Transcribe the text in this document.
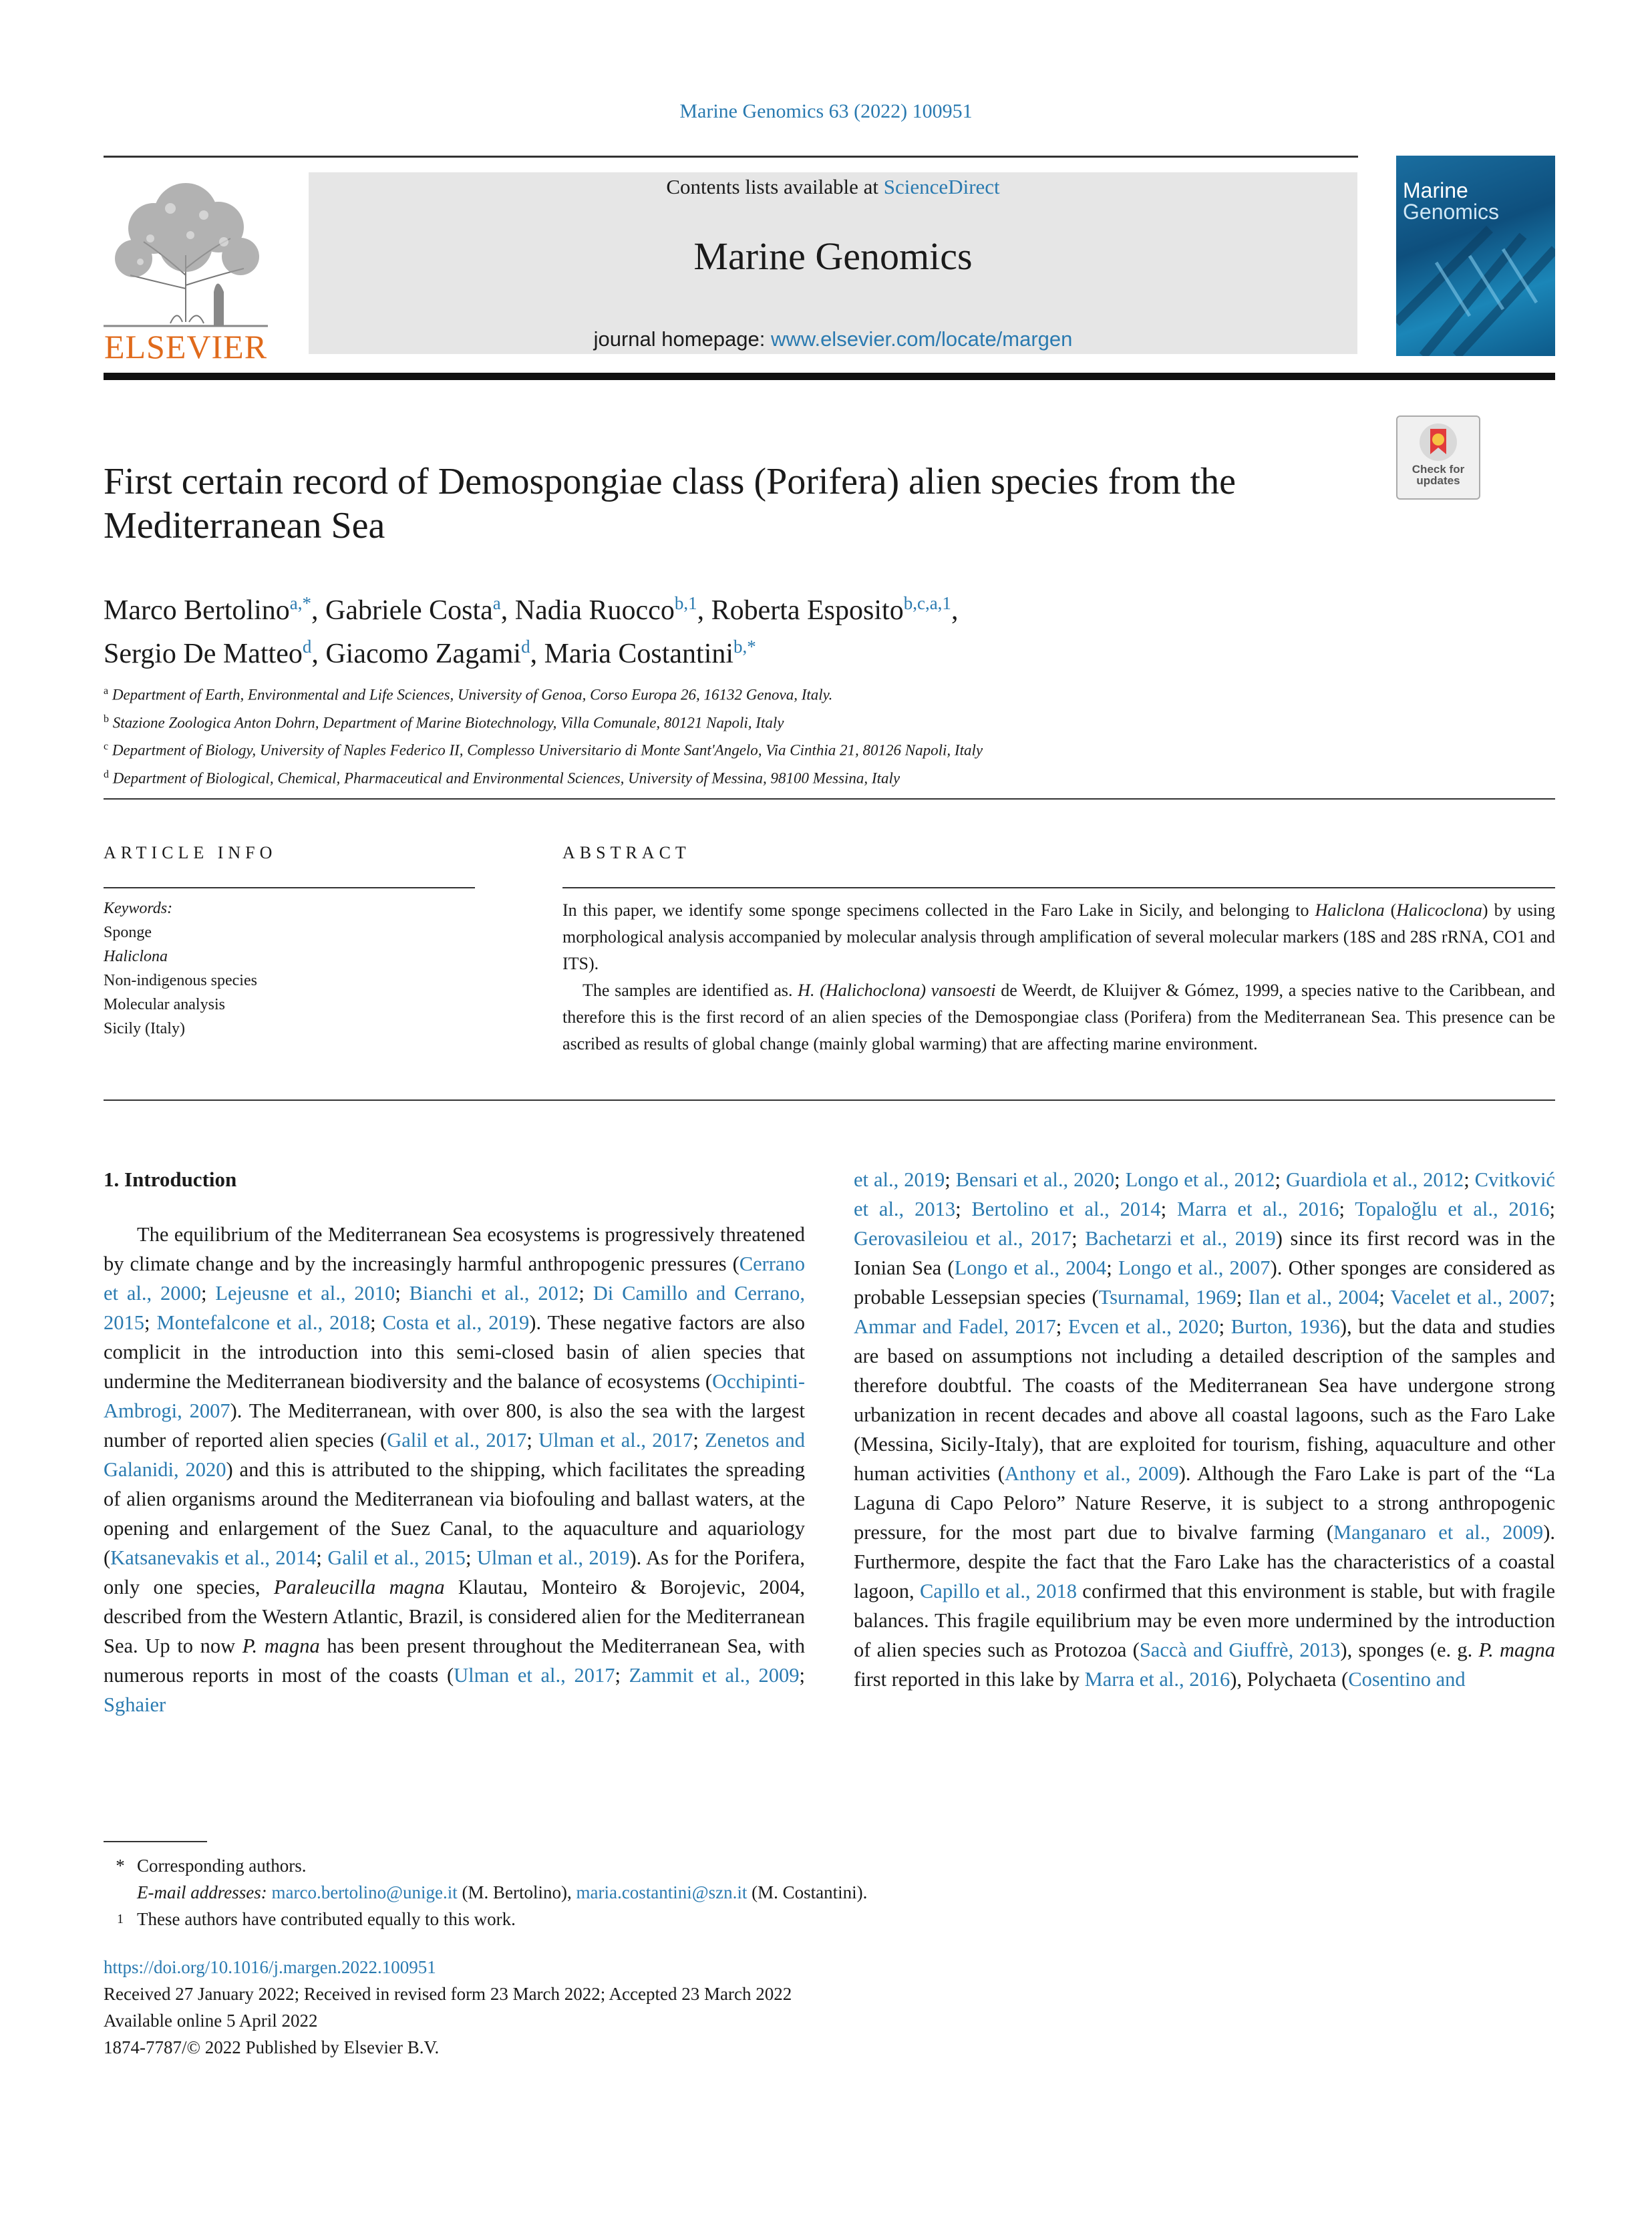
Marine Genomics 63 (2022) 100951
ELSEVIER
Contents lists available at ScienceDirect
Marine Genomics
journal homepage: www.elsevier.com/locate/margen
Marine
Genomics
Check for updates
First certain record of Demospongiae class (Porifera) alien species from the Mediterranean Sea
Marco Bertolino$^{a,*}$, Gabriele Costa$^a$, Nadia Ruocco$^{b,1}$, Roberta Esposito$^{b,c,a,1}$,
Sergio De Matteo$^d$, Giacomo Zagami$^d$, Maria Costantini$^{b,*}$
$^a$ Department of Earth, Environmental and Life Sciences, University of Genoa, Corso Europa 26, 16132 Genova, Italy.
$^b$ Stazione Zoologica Anton Dohrn, Department of Marine Biotechnology, Villa Comunale, 80121 Napoli, Italy
$^c$ Department of Biology, University of Naples Federico II, Complesso Universitario di Monte Sant'Angelo, Via Cinthia 21, 80126 Napoli, Italy
$^d$ Department of Biological, Chemical, Pharmaceutical and Environmental Sciences, University of Messina, 98100 Messina, Italy
ARTICLE INFO
Keywords:
Sponge
Haliclona
Non-indigenous species
Molecular analysis
Sicily (Italy)
ABSTRACT

In this paper, we identify some sponge specimens collected in the Faro Lake in Sicily, and belonging to Haliclona (Halicoclona) by using morphological analysis accompanied by molecular analysis through amplification of several molecular markers (18S and 28S rRNA, CO1 and ITS).

The samples are identified as. H. (Halichoclona) vansoesti de Weerdt, de Kluijver & Gómez, 1999, a species native to the Caribbean, and therefore this is the first record of an alien species of the Demospongiae class (Porifera) from the Mediterranean Sea. This presence can be ascribed as results of global change (mainly global warming) that are affecting marine environment.

1. Introduction

The equilibrium of the Mediterranean Sea ecosystems is progressively threatened by climate change and by the increasingly harmful anthropogenic pressures (Cerrano et al., 2000; Lejeusne et al., 2010; Bianchi et al., 2012; Di Camillo and Cerrano, 2015; Montefalcone et al., 2018; Costa et al., 2019). These negative factors are also complicit in the introduction into this semi-closed basin of alien species that undermine the Mediterranean biodiversity and the balance of ecosystems (Occhipinti-Ambrogi, 2007). The Mediterranean, with over 800, is also the sea with the largest number of reported alien species (Galil et al., 2017; Ulman et al., 2017; Zenetos and Galanidi, 2020) and this is attributed to the shipping, which facilitates the spreading of alien organisms around the Mediterranean via biofouling and ballast waters, at the opening and enlargement of the Suez Canal, to the aquaculture and aquariology (Katsanevakis et al., 2014; Galil et al., 2015; Ulman et al., 2019). As for the Porifera, only one species, Paraleucilla magna Klautau, Monteiro & Borojevic, 2004, described from the Western Atlantic, Brazil, is considered alien for the Mediterranean Sea. Up to now P. magna has been present throughout the Mediterranean Sea, with numerous reports in most of the coasts (Ulman et al., 2017; Zammit et al., 2009; Sghaier

et al., 2019; Bensari et al., 2020; Longo et al., 2012; Guardiola et al., 2012; Cvitković et al., 2013; Bertolino et al., 2014; Marra et al., 2016; Topaloğlu et al., 2016; Gerovasileiou et al., 2017; Bachetarzi et al., 2019) since its first record was in the Ionian Sea (Longo et al., 2004; Longo et al., 2007). Other sponges are considered as probable Lessepsian species (Tsurnamal, 1969; Ilan et al., 2004; Vacelet et al., 2007; Ammar and Fadel, 2017; Evcen et al., 2020; Burton, 1936), but the data and studies are based on assumptions not including a detailed description of the samples and therefore doubtful. The coasts of the Mediterranean Sea have undergone strong urbanization in recent decades and above all coastal lagoons, such as the Faro Lake (Messina, Sicily-Italy), that are exploited for tourism, fishing, aquaculture and other human activities (Anthony et al., 2009). Although the Faro Lake is part of the “La Laguna di Capo Peloro” Nature Reserve, it is subject to a strong anthropogenic pressure, for the most part due to bivalve farming (Manganaro et al., 2009). Furthermore, despite the fact that the Faro Lake has the characteristics of a coastal lagoon, Capillo et al., 2018 confirmed that this environment is stable, but with fragile balances. This fragile equilibrium may be even more undermined by the introduction of alien species such as Protozoa (Saccà and Giuffrè, 2013), sponges (e. g. P. magna first reported in this lake by Marra et al., 2016), Polychaeta (Cosentino and

* Corresponding authors.
E-mail addresses: marco.bertolino@unige.it (M. Bertolino), maria.costantini@szn.it (M. Costantini).
1 These authors have contributed equally to this work.
https://doi.org/10.1016/j.margen.2022.100951
Received 27 January 2022; Received in revised form 23 March 2022; Accepted 23 March 2022
Available online 5 April 2022
1874-7787/© 2022 Published by Elsevier B.V.
